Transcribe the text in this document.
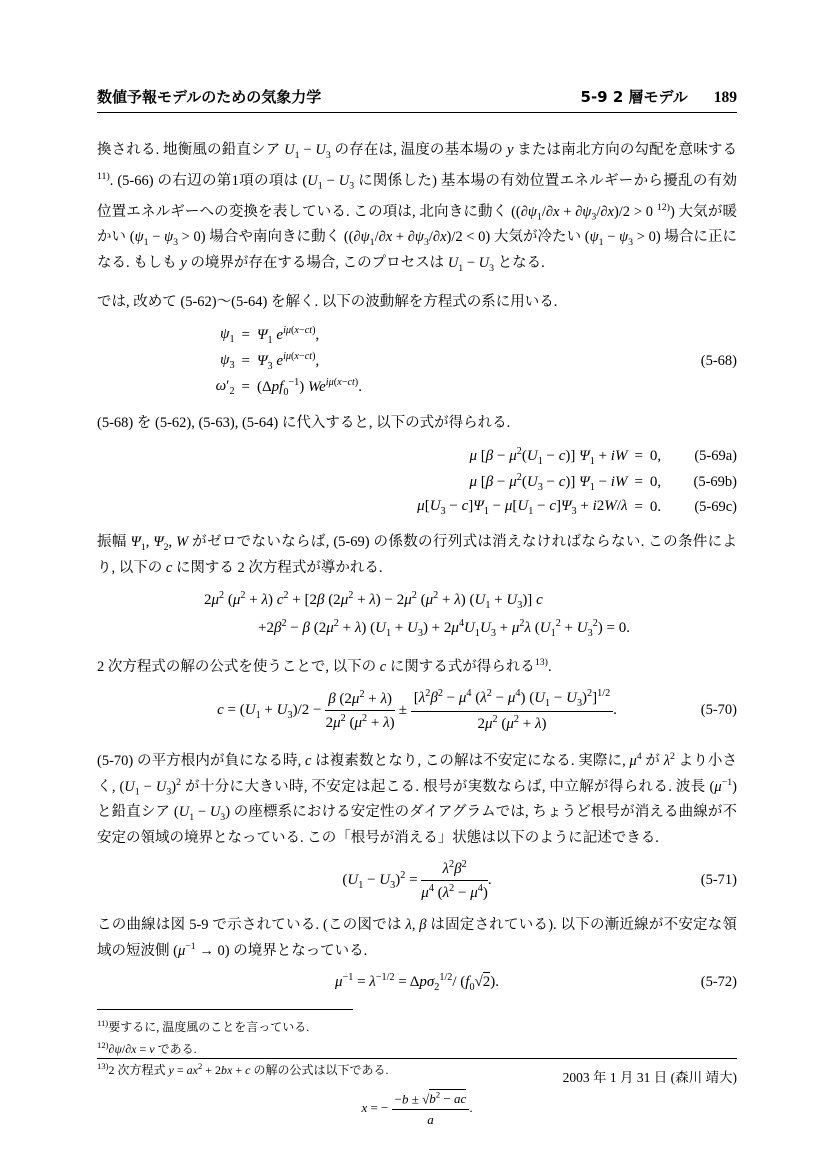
数値予報モデルのための気象力学	5-9 2 層モデル 189

換される. 地衡風の鉛直シア $U_1 - U_3$ の存在は, 温度の基本場の y または南北方向の勾配を意味する$^{11)}$. (5-66) の右辺の第1項の項は ($U_1 - U_3$ に関係した) 基本場の有効位置エネルギーから擾乱の有効位置エネルギーへの変換を表している. この項は, 北向きに動く ($(\partial\psi_1/\partial x + \partial\psi_3/\partial x)/2 > 0$ $^{12)}$) 大気が暖かい $(\psi_1 - \psi_3 > 0)$ 場合や南向きに動く $((\partial\psi_1/\partial x + \partial\psi_3/\partial x)/2 < 0)$ 大気が冷たい $(\psi_1 - \psi_3 > 0)$ 場合に正になる. もしも y の境界が存在する場合, このプロセスは $U_1 - U_3$ となる.

では, 改めて (5-62)〜(5-64) を解く. 以下の波動解を方程式の系に用いる.

		$\psi_1$	=	$\Psi_1$ $e^{i\mu(x-ct)}$,		
		$\psi_3$	=	$\Psi_3$ $e^{i\mu(x-ct)}$,		(5-68)
		$\omega'_2$	=	(Δpf$_0^{-1}$) $We^{i\mu(x-ct)}$.		

(5-68) を (5-62), (5-63), (5-64) に代入すると, 以下の式が得られる.

		μ $[\beta - \mu^2(U_1 - c)]$ $\Psi_1$ + iW	=	0,		(5-69a)
		μ $[\beta - \mu^2(U_3 - c)]$ $\Psi_1$ − iW	=	0,		(5-69b)
		$\mu[U_3 - c]\Psi_1 - \mu[U_1 - c]\Psi_3 + i2W/\lambda$	=	0.		(5-69c)

振幅 $\Psi_1$, $\Psi_2$, W がゼロでないならば, (5-69) の係数の行列式は消えなければならない. この条件により, 以下の c に関する 2 次方程式が導かれる.

$2\mu^2$ $(\mu^2 + \lambda) c^2 + [2\beta$ $(2\mu^2 + \lambda) - 2\mu^2$ $(\mu^2 + \lambda) (U_1 + U_3)$] c
$+2\beta^2 - \beta$ $(2\mu^2 + \lambda) (U_1 + U_3) + 2\mu^4U_1U_3 + \mu^2\lambda$ $(U_1^2 + U_3^2) = 0$.

2 次方程式の解の公式を使うことで, 以下の c に関する式が得られる$^{13)}$.

$c = (U_1 + U_3)/2 - \frac{\beta (2\mu^2 + \lambda)}{2\mu^2 (\mu^2 + \lambda)} \pm \frac{[\lambda^2\beta^2 - \mu^4 (\lambda^2 - \mu^4) (U_1 - U_3)^2]^{1/2}}{2\mu^2 (\mu^2 + \lambda)}$ .	(5-70)

(5-70) の平方根内が負になる時, c は複素数となり, この解は不安定になる. 実際に, $\mu^4$ が $\lambda^2$ より小さく, $(U_1 - U_3)^2$ が十分に大きい時, 不安定は起こる. 根号が実数ならば, 中立解が得られる. 波長 $(\mu^{-1})$ と鉛直シア $(U_1 - U_3)$ の座標系における安定性のダイアグラムでは, ちょうど根号が消える曲線が不安定の領域の境界となっている. この「根号が消える」状態は以下のように記述できる.

$(U_1 - U_3)^2 = \frac{\lambda^2\beta^2}{\mu^4 (\lambda^2 - \mu^4)}$ .	(5-71)

この曲線は図 5-9 で示されている. (この図では λ, β は固定されている). 以下の漸近線が不安定な領域の短波側 $(\mu^{-1} \to 0)$ の境界となっている.

$\mu^{-1} = \lambda^{-1/2} = \Delta p\sigma_2^{1/2}/$ $(f_0√2)$.	(5-72)

$^{11)}$要するに, 温度風のことを言っている.

$^{12)}$∂ψ/∂x = v である.

$^{13)}$2 次方程式 $y = ax^2 + 2bx + c$ の解の公式は以下である.

x = − $\frac{-b \pm √b^2 - ac}{a}$ .
2003 年 1 月 31 日 (森川 靖大)
